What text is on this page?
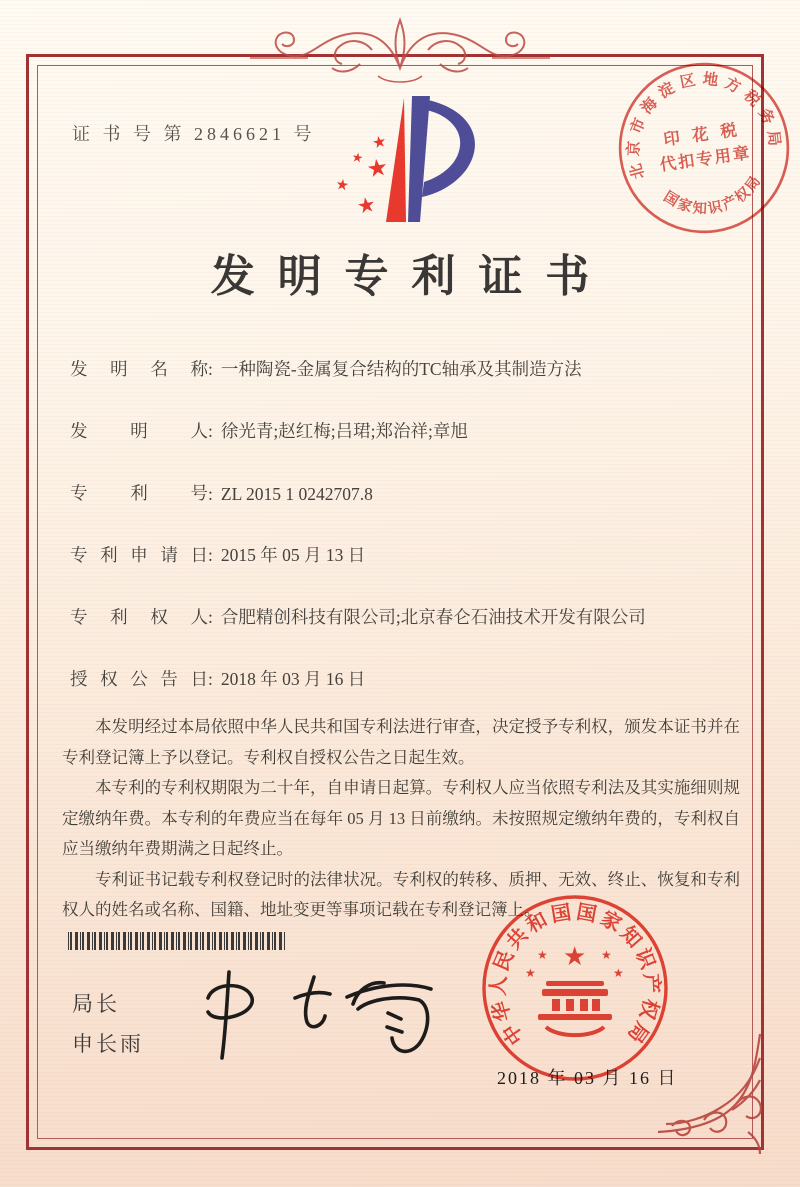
证 书 号 第 2846621 号	★
★ ★
★
★
北京市海淀区地方税务局
国家知识产权局
印 花 税
代扣专用章
发明专利证书
发明名称: 一种陶瓷-金属复合结构的TC轴承及其制造方法
发明人: 徐光青;赵红梅;吕珺;郑治祥;章旭
专利号: ZL 2015 1 0242707.8
专利申请日: 2015 年 05 月 13 日
专利权人: 合肥精创科技有限公司;北京春仑石油技术开发有限公司
授权公告日: 2018 年 03 月 16 日

本发明经过本局依照中华人民共和国专利法进行审查，决定授予专利权，颁发本证书并在专利登记簿上予以登记。专利权自授权公告之日起生效。

本专利的专利权期限为二十年，自申请日起算。专利权人应当依照专利法及其实施细则规定缴纳年费。本专利的年费应当在每年 05 月 13 日前缴纳。未按照规定缴纳年费的，专利权自应当缴纳年费期满之日起终止。

专利证书记载专利权登记时的法律状况。专利权的转移、质押、无效、终止、恢复和专利权人的姓名或名称、国籍、地址变更等事项记载在专利登记簿上。

局长
申长雨	中华人民共和国国家知识产权局
★
★	★
★	★
2018 年 03 月 16 日
